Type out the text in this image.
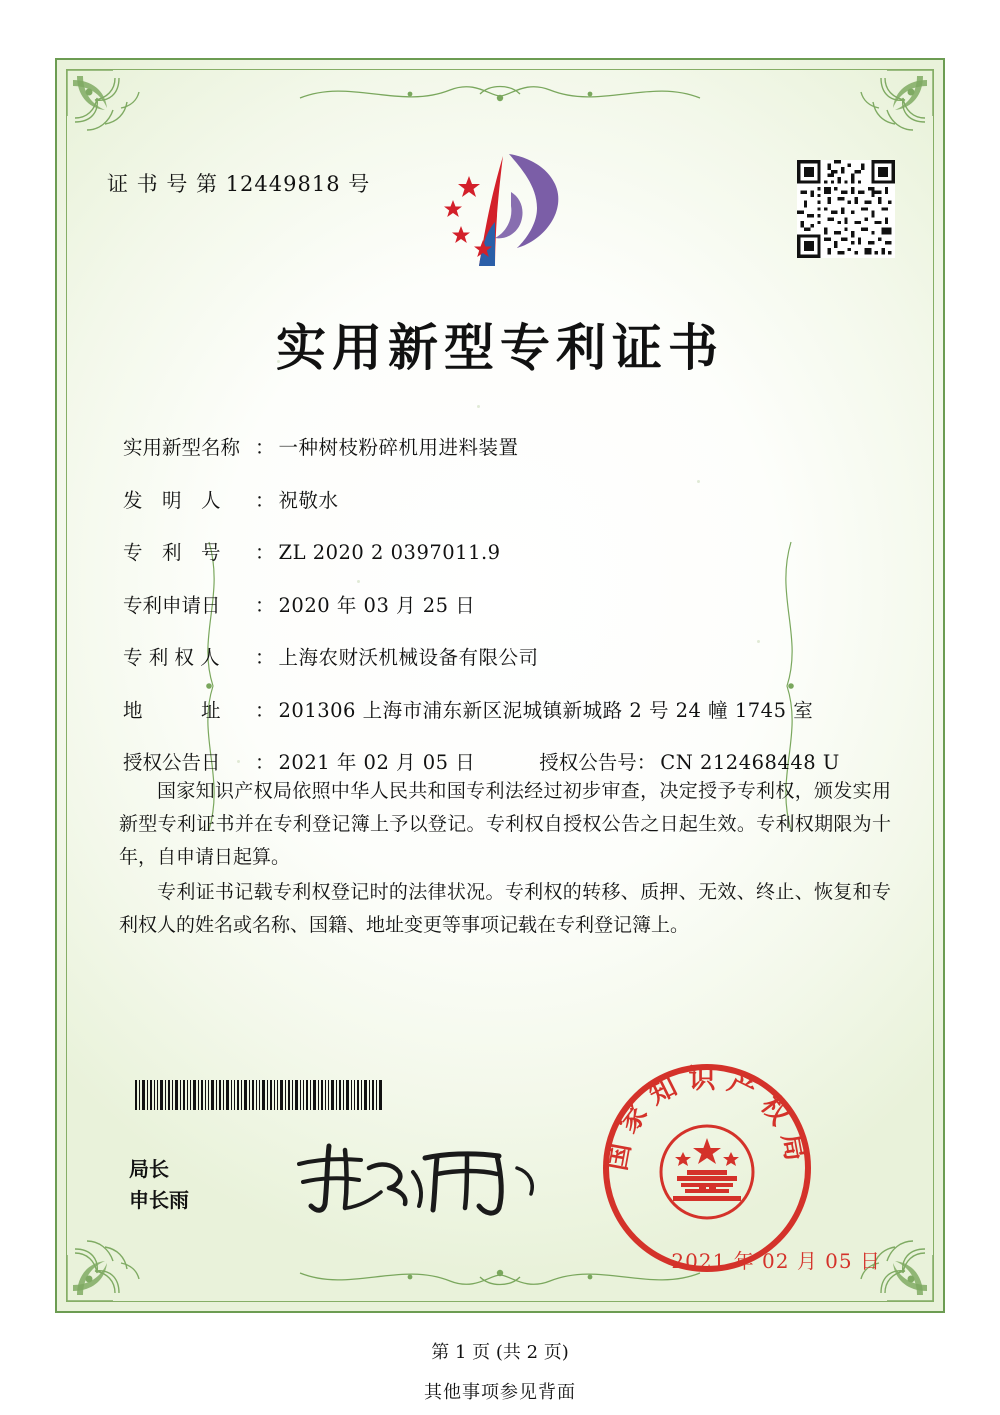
证 书 号 第 12449818 号
实用新型专利证书
实用新型名称 ： 一种树枝粉碎机用进料装置
发　明　人	： 祝敬水
专　利　号	： ZL 2020 2 0397011.9
专利申请日	： 2020 年 03 月 25 日
专 利 权 人	： 上海农财沃机械设备有限公司
地　　　址	： 201306 上海市浦东新区泥城镇新城路 2 号 24 幢 1745 室
授权公告日	： 2021 年 02 月 05 日	授权公告号 ： CN 212468448 U

国家知识产权局依照中华人民共和国专利法经过初步审查，决定授予专利权，颁发实用新型专利证书并在专利登记簿上予以登记。专利权自授权公告之日起生效。专利权期限为十年，自申请日起算。

专利证书记载专利权登记时的法律状况。专利权的转移、质押、无效、终止、恢复和专利权人的姓名或名称、国籍、地址变更等事项记载在专利登记簿上。

局长
申长雨
国家知识产权局
2021 年 02 月 05 日
第 1 页 (共 2 页)
其他事项参见背面
